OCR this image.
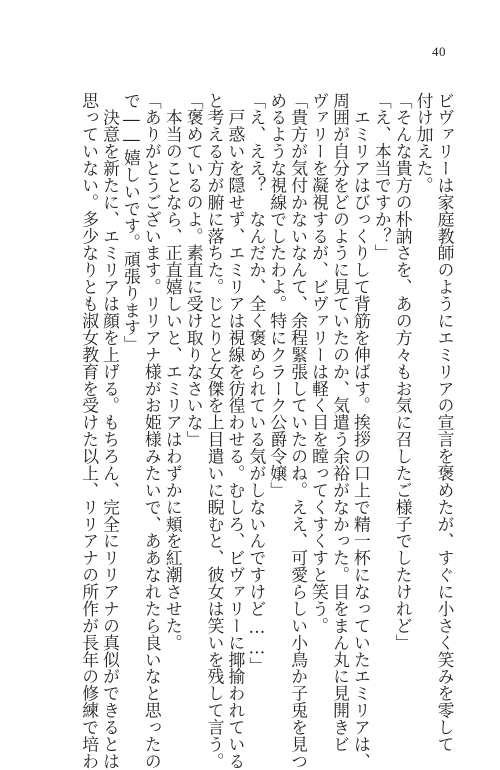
40
ビヴァリーは家庭教師のようにエミリアの宣言を褒めたが、すぐに小さく笑みを零して
付け加えた。
「そんな貴方の朴訥さを、あの方々もお気に召したご様子でしたけれど」
「え、本当ですか？」
　エミリアはびっくりして背筋を伸ばす。挨拶の口上で精一杯になっていたエミリアは、
周囲が自分をどのように見ていたのか、気遣う余裕がなかった。目をまん丸に見開きビ
ヴァリーを凝視するが、ビヴァリーは軽く目を瞠ってくすくすと笑う。
「貴方が気付かないなんて、余程緊張していたのね。ええ、可愛らしい小鳥か子兎を見つ
めるような視線でしたわよ。特にクラーク公爵令嬢」
「え、ええ？　なんだか、全く褒められている気がしないんですけど……」
　戸惑いを隠せず、エミリアは視線を彷徨わせる。むしろ、ビヴァリーに揶揄われている
と考える方が腑に落ちた。じとりと女傑を上目遣いに睨むと、彼女は笑いを残して言う。
「褒めているのよ。素直に受け取りなさいな」
　本当のことなら、正直嬉しいと、エミリアはわずかに頬を紅潮させた。
「ありがとうございます。リリアナ様がお姫様みたいで、ああなれたら良いなと思ったの
で――嬉しいです。頑張ります」
　決意を新たに、エミリアは顔を上げる。もちろん、完全にリリアナの真似ができるとは
思っていない。多少なりとも淑女教育を受けた以上、リリアナの所作が長年の修練で培わ
